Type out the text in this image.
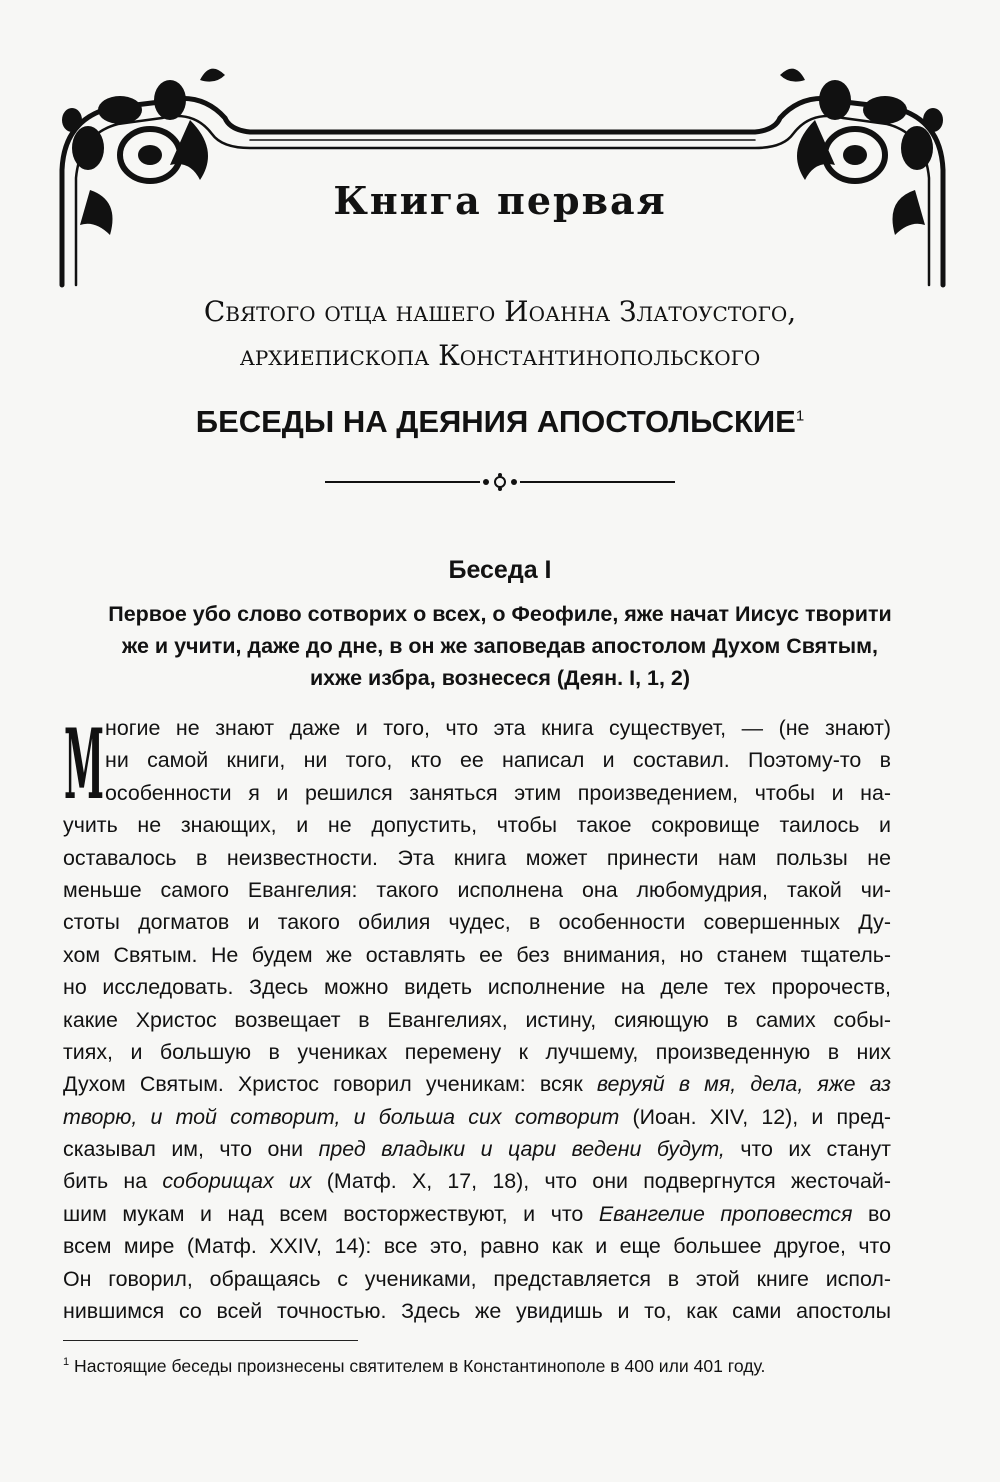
Книга первая
Святого отца нашего Иоанна Златоустого,
архиепископа Константинопольского
БЕСЕДЫ НА ДЕЯНИЯ АПОСТОЛЬСКИЕ$^1$
Беседа I
Первое убо слово сотворих о всех, о Феофиле, яже начат Иисус творити
же и учити, даже до дне, в он же заповедав апостолом Духом Святым,
ихже избра, вознесеся (Деян. I, 1, 2)
М ногие не знают даже и того, что эта книга существует, — (не знают)
ни самой книги, ни того, кто ее написал и составил. Поэтому-то в
особенности я и решился заняться этим произведением, чтобы и на-
учить не знающих, и не допустить, чтобы такое сокровище таилось и
оставалось в неизвестности. Эта книга может принести нам пользы не
меньше самого Евангелия: такого исполнена она любомудрия, такой чи-
стоты догматов и такого обилия чудес, в особенности совершенных Ду-
хом Святым. Не будем же оставлять ее без внимания, но станем тщатель-
но исследовать. Здесь можно видеть исполнение на деле тех пророчеств,
какие Христос возвещает в Евангелиях, истину, сияющую в самих собы-
тиях, и большую в учениках перемену к лучшему, произведенную в них
Духом Святым. Христос говорил ученикам: всяк веруяй в мя, дела, яже аз
творю, и той сотворит, и больша сих сотворит (Иоан. XIV, 12), и пред-
сказывал им, что они пред владыки и цари ведени будут, что их станут
бить на соборищах их (Матф. X, 17, 18), что они подвергнутся жесточай-
шим мукам и над всем восторжествуют, и что Евангелие проповестся во
всем мире (Матф. XXIV, 14): все это, равно как и еще большее другое, что
Он говорил, обращаясь с учениками, представляется в этой книге испол-
нившимся со всей точностью. Здесь же увидишь и то, как сами апостолы
$^1$ Настоящие беседы произнесены святителем в Константинополе в 400 или 401 году.
